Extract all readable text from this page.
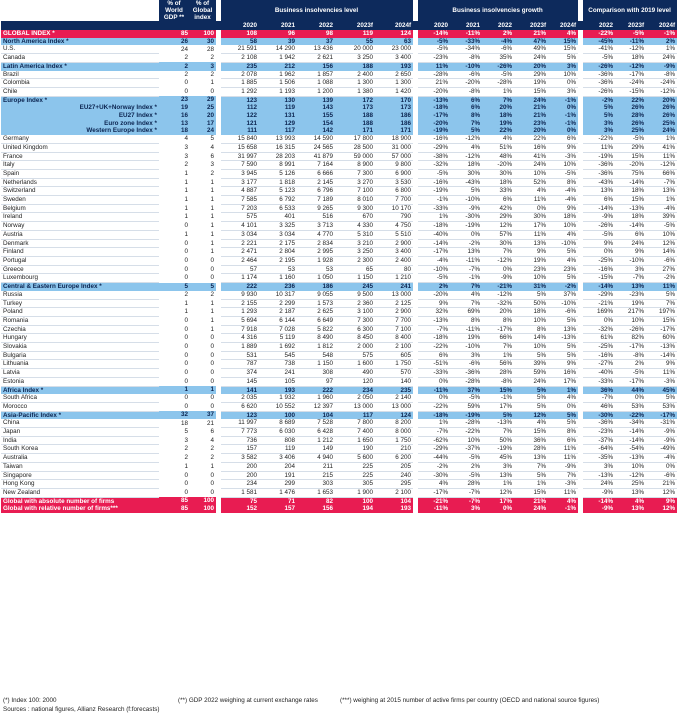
	% of World GDP **	% of Global index		Business insolvencies level						Business insolvencies growth						Comparison with 2019 level		
				2020	2021	2022	2023f	2024f		2020	2021	2022	2023f	2024f		2022	2023f	2024f
GLOBAL INDEX *	85	100		108	96	98	119	124		-14%	-11%	2%	21%	4%		-22%	-5%	-1%
North America Index *	26	30		58	39	37	55	63		-5%	-33%	-4%	47%	15%		-45%	-11%	2%
U.S.	24	28		21 591	14 290	13 436	20 000	23 000		-5%	-34%	-6%	49%	15%		-41%	-12%	1%
Canada	2	2		2 108	1 942	2 621	3 250	3 400		-23%	-8%	35%	24%	5%		-5%	18%	24%
Latin America Index *	2	3		235	212	156	188	193		11%	-10%	-26%	20%	3%		-26%	-12%	-9%
Brazil	2	2		2 078	1 962	1 857	2 400	2 650		-28%	-6%	-5%	29%	10%		-36%	-17%	-8%
Colombia	0	1		1 885	1 506	1 088	1 300	1 300		21%	-20%	-28%	19%	0%		-36%	-24%	-24%
Chile	0	0		1 292	1 193	1 200	1 380	1 420		-20%	-8%	1%	15%	3%		-26%	-15%	-12%
Europe Index *	23	29		123	130	139	172	170		-13%	6%	7%	24%	-1%		-2%	22%	20%
EU27+UK+Norway Index *	19	25		112	119	143	173	173		-18%	6%	20%	21%	0%		5%	26%	26%
EU27 Index *	16	20		122	131	155	188	186		-17%	8%	18%	21%	-1%		5%	28%	26%
Euro zone Index *	13	17		121	129	154	188	186		-20%	7%	19%	23%	-1%		3%	26%	25%
Western Europe Index *	18	24		111	117	142	171	171		-19%	5%	22%	20%	0%		3%	25%	24%
Germany	4	5		15 840	13 993	14 590	17 800	18 900		-16%	-12%	4%	22%	6%		-22%	-5%	1%
United Kingdom	3	4		15 658	16 315	24 565	28 500	31 000		-29%	4%	51%	16%	9%		11%	29%	41%
France	3	6		31 997	28 203	41 879	59 000	57 000		-38%	-12%	48%	41%	-3%		-19%	15%	11%
Italy	2	3		7 590	8 991	7 164	8 900	9 800		-32%	18%	-20%	24%	10%		-36%	-20%	-12%
Spain	1	2		3 945	5 126	6 666	7 300	6 900		-5%	30%	30%	10%	-5%		-36%	75%	66%
Netherlands	1	1		3 177	1 818	2 145	3 270	3 530		-16%	-43%	18%	52%	8%		-43%	-14%	-7%
Switzerland	1	1		4 887	5 123	6 796	7 100	6 800		-19%	5%	33%	4%	-4%		13%	18%	13%
Sweden	1	1		7 585	6 792	7 189	8 010	7 700		-1%	-10%	6%	11%	-4%		6%	15%	1%
Belgium	1	1		7 203	6 533	9 265	9 300	10 170		-33%	-9%	42%	0%	9%		-14%	-13%	-4%
Ireland	1	1		575	401	516	670	790		1%	-30%	29%	30%	18%		-9%	18%	39%
Norway	0	1		4 101	3 325	3 713	4 330	4 750		-18%	-19%	12%	17%	10%		-26%	-14%	-5%
Austria	1	1		3 034	3 034	4 770	5 310	5 510		-40%	0%	57%	11%	4%		-5%	6%	10%
Denmark	0	1		2 221	2 175	2 834	3 210	2 900		-14%	-2%	30%	13%	-10%		9%	24%	12%
Finland	0	1		2 471	2 804	2 995	3 250	3 400		-17%	13%	7%	9%	5%		0%	9%	14%
Portugal	0	0		2 464	2 195	1 928	2 300	2 400		-4%	-11%	-12%	19%	4%		-25%	-10%	-6%
Greece	0	0		57	53	53	65	80		-10%	-7%	0%	23%	23%		-16%	3%	27%
Luxembourg	0	0		1 174	1 160	1 050	1 150	1 210		-5%	-1%	-9%	10%	5%		-15%	-7%	-2%
Central & Eastern Europe Index *	5	5		222	236	186	245	241		2%	7%	-21%	31%	-2%		-14%	13%	11%
Russia	2	2		9 930	10 317	9 055	9 500	13 000		-20%	4%	-12%	5%	37%		-29%	-23%	5%
Turkey	1	1		2 155	2 299	1 573	2 360	2 125		9%	7%	-32%	50%	-10%		-21%	19%	7%
Poland	1	1		1 293	2 187	2 625	3 100	2 900		32%	69%	20%	18%	-6%		169%	217%	197%
Romania	0	1		5 694	6 144	6 649	7 300	7 700		-13%	8%	8%	10%	5%		0%	10%	15%
Czechia	0	1		7 918	7 028	5 822	6 300	7 100		-7%	-11%	-17%	8%	13%		-32%	-26%	-17%
Hungary	0	0		4 316	5 119	8 490	8 450	8 400		-18%	19%	66%	14%	-13%		61%	82%	60%
Slovakia	0	0		1 889	1 692	1 812	2 000	2 100		-22%	-10%	7%	10%	5%		-25%	-17%	-13%
Bulgaria	0	0		531	545	548	575	605		6%	3%	1%	5%	5%		-16%	-8%	-14%
Lithuania	0	0		787	738	1 150	1 600	1 750		-51%	-6%	56%	39%	9%		-27%	2%	9%
Latvia	0	0		374	241	308	490	570		-33%	-36%	28%	59%	16%		-40%	-5%	11%
Estonia	0	0		145	105	97	120	140		0%	-28%	-8%	24%	17%		-33%	-17%	-3%
Africa Index *	1	1		141	193	222	234	235		-11%	37%	15%	5%	1%		36%	44%	45%
South Africa	0	0		2 035	1 932	1 960	2 050	2 140		0%	-5%	-1%	5%	4%		-7%	0%	5%
Morocco	0	0		6 620	10 552	12 397	13 000	13 000		-22%	59%	17%	5%	0%		46%	53%	53%
Asia-Pacific Index *	32	37		123	100	104	117	124		-18%	-19%	5%	12%	5%		-30%	-22%	-17%
China	18	21		11 997	8 689	7 528	7 800	8 200		1%	-28%	-13%	4%	5%		-36%	-34%	-31%
Japan	5	6		7 773	6 030	6 428	7 400	8 000		-7%	-22%	7%	15%	8%		-23%	-14%	-9%
India	3	4		736	808	1 212	1 650	1 750		-62%	10%	50%	36%	6%		-37%	-14%	-9%
South Korea	2	2		157	119	149	190	210		-29%	-37%	-19%	28%	11%		-64%	-54%	-49%
Australia	2	2		3 582	3 406	4 940	5 600	6 200		-44%	-5%	45%	13%	11%		-35%	-13%	-4%
Taiwan	1	1		200	204	211	225	205		-2%	2%	3%	7%	-9%		3%	10%	0%
Singapore	0	0		200	191	215	225	240		-30%	-5%	13%	5%	7%		-13%	-12%	-6%
Hong Kong	0	0		234	299	303	305	295		4%	28%	1%	1%	-3%		24%	25%	21%
New Zealand	0	0		1 581	1 476	1 653	1 900	2 100		-17%	-7%	12%	15%	11%		-9%	13%	12%
Global with absolute number of firms	85	100		75	71	82	100	104		-21%	-7%	17%	21%	4%		-14%	4%	9%
Global with relative number of firms***	85	100		152	157	156	194	193		-11%	3%	0%	24%	-1%		-9%	13%	12%
(*) Index 100: 2000	(**) GDP 2022 weighing at current exchange rates	(***) weighing at 2015 number of active firms per country (OECD and national source figures)
Sources : national figures, Allianz Research (f:forecasts)
